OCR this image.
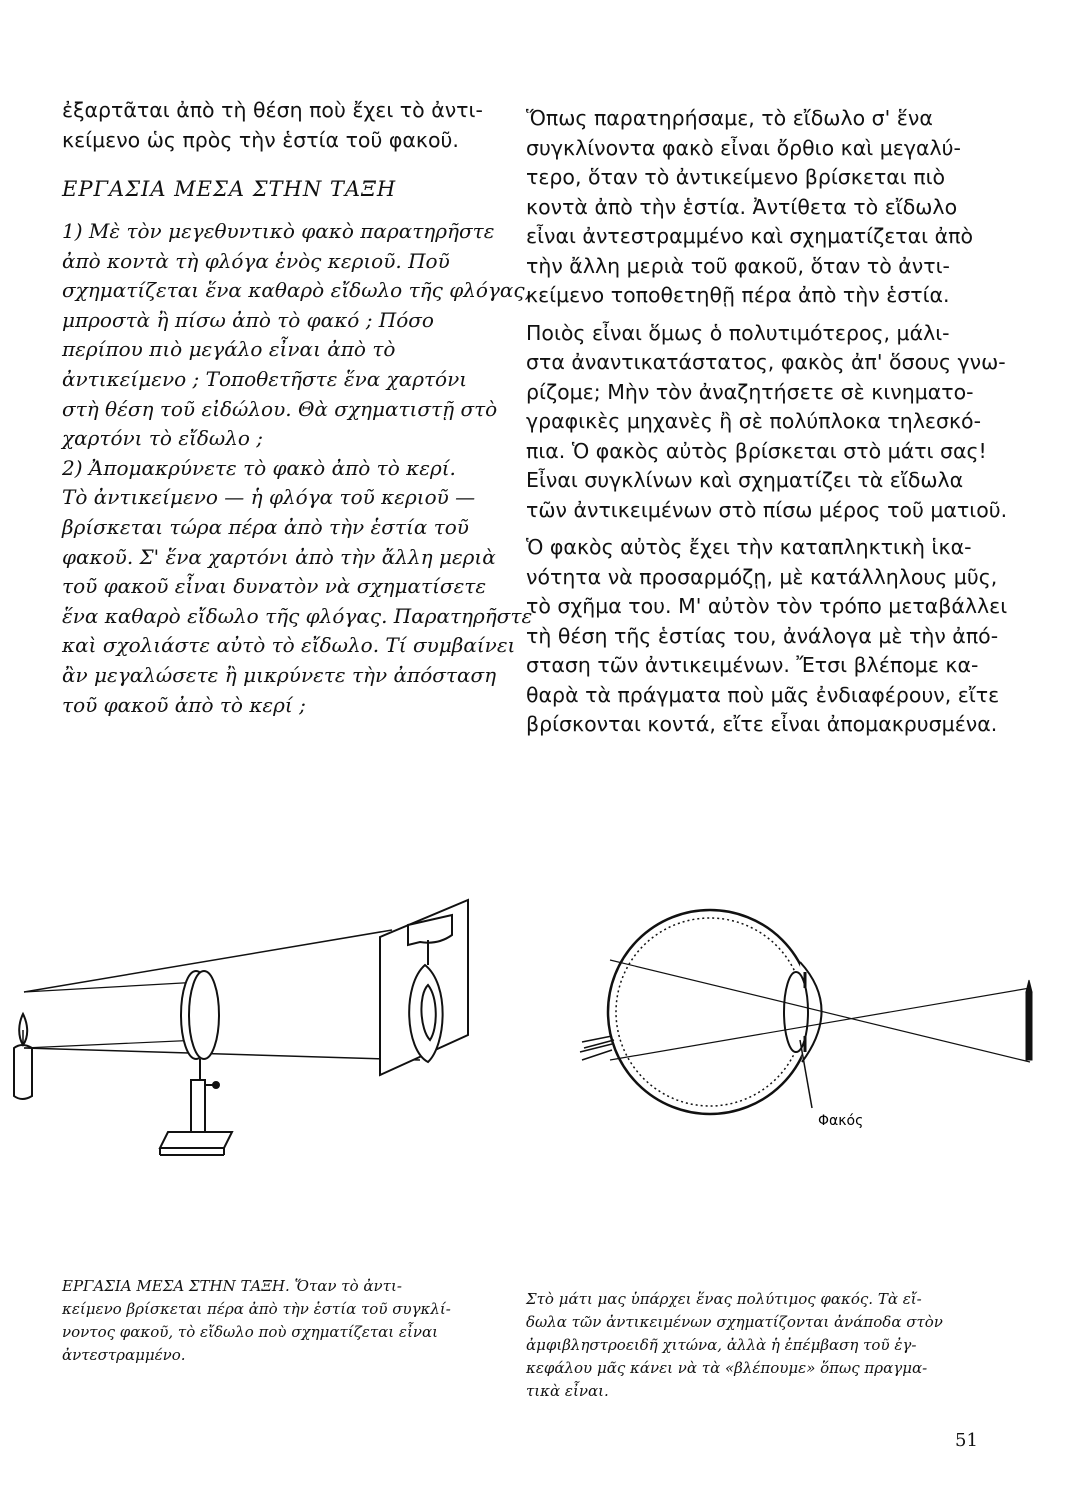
ἐξαρτᾶται ἀπὸ τὴ θέση ποὺ ἔχει τὸ ἀντι-
κείμενο ὡς πρὸς τὴν ἑστία τοῦ φακοῦ.
ΕΡΓΑΣΙΑ ΜΕΣΑ ΣΤΗΝ ΤΑΞΗ
1) Μὲ τὸν μεγεθυντικὸ φακὸ παρατηρῆστε
ἀπὸ κοντὰ τὴ φλόγα ἑνὸς κεριοῦ. Ποῦ
σχηματίζεται ἕνα καθαρὸ εἴδωλο τῆς φλόγας,
μπροστὰ ἢ πίσω ἀπὸ τὸ φακό ; Πόσο
περίπου πιὸ μεγάλο εἶναι ἀπὸ τὸ
ἀντικείμενο ; Τοποθετῆστε ἕνα χαρτόνι
στὴ θέση τοῦ εἰδώλου. Θὰ σχηματιστῇ στὸ
χαρτόνι τὸ εἴδωλο ;
2) Ἀπομακρύνετε τὸ φακὸ ἀπὸ τὸ κερί.
Τὸ ἀντικείμενο — ἡ φλόγα τοῦ κεριοῦ —
βρίσκεται τώρα πέρα ἀπὸ τὴν ἑστία τοῦ
φακοῦ. Σ' ἕνα χαρτόνι ἀπὸ τὴν ἄλλη μεριὰ
τοῦ φακοῦ εἶναι δυνατὸν νὰ σχηματίσετε
ἕνα καθαρὸ εἴδωλο τῆς φλόγας. Παρατηρῆστε
καὶ σχολιάστε αὐτὸ τὸ εἴδωλο. Τί συμβαίνει
ἂν μεγαλώσετε ἢ μικρύνετε τὴν ἀπόσταση
τοῦ φακοῦ ἀπὸ τὸ κερί ;
Ὅπως παρατηρήσαμε, τὸ εἴδωλο σ' ἕνα
συγκλίνοντα φακὸ εἶναι ὄρθιο καὶ μεγαλύ-
τερο, ὅταν τὸ ἀντικείμενο βρίσκεται πιὸ
κοντὰ ἀπὸ τὴν ἑστία. Ἀντίθετα τὸ εἴδωλο
εἶναι ἀντεστραμμένο καὶ σχηματίζεται ἀπὸ
τὴν ἄλλη μεριὰ τοῦ φακοῦ, ὅταν τὸ ἀντι-
κείμενο τοποθετηθῇ πέρα ἀπὸ τὴν ἑστία.
Ποιὸς εἶναι ὅμως ὁ πολυτιμότερος, μάλι-
στα ἀναντικατάστατος, φακὸς ἀπ' ὅσους γνω-
ρίζομε; Μὴν τὸν ἀναζητήσετε σὲ κινηματο-
γραφικὲς μηχανὲς ἢ σὲ πολύπλοκα τηλεσκό-
πια. Ὁ φακὸς αὐτὸς βρίσκεται στὸ μάτι σας!
Εἶναι συγκλίνων καὶ σχηματίζει τὰ εἴδωλα
τῶν ἀντικειμένων στὸ πίσω μέρος τοῦ ματιοῦ.
Ὁ φακὸς αὐτὸς ἔχει τὴν καταπληκτικὴ ἱκα-
νότητα νὰ προσαρμόζῃ, μὲ κατάλληλους μῦς,
τὸ σχῆμα του. Μ' αὐτὸν τὸν τρόπο μεταβάλλει
τὴ θέση τῆς ἑστίας του, ἀνάλογα μὲ τὴν ἀπό-
σταση τῶν ἀντικειμένων. Ἔτσι βλέπομε κα-
θαρὰ τὰ πράγματα ποὺ μᾶς ἐνδιαφέρουν, εἴτε
βρίσκονται κοντά, εἴτε εἶναι ἀπομακρυσμένα.
Φακός
ΕΡΓΑΣΙΑ ΜΕΣΑ ΣΤΗΝ ΤΑΞΗ. Ὅταν τὸ ἀντι-
κείμενο βρίσκεται πέρα ἀπὸ τὴν ἑστία τοῦ συγκλί-
νοντος φακοῦ, τὸ εἴδωλο ποὺ σχηματίζεται εἶναι
ἀντεστραμμένο.
Στὸ μάτι μας ὑπάρχει ἕνας πολύτιμος φακός. Τὰ εἴ-
δωλα τῶν ἀντικειμένων σχηματίζονται ἀνάποδα στὸν
ἀμφιβληστροειδῆ χιτώνα, ἀλλὰ ἡ ἐπέμβαση τοῦ ἐγ-
κεφάλου μᾶς κάνει νὰ τὰ «βλέπουμε» ὅπως πραγμα-
τικὰ εἶναι.
51
